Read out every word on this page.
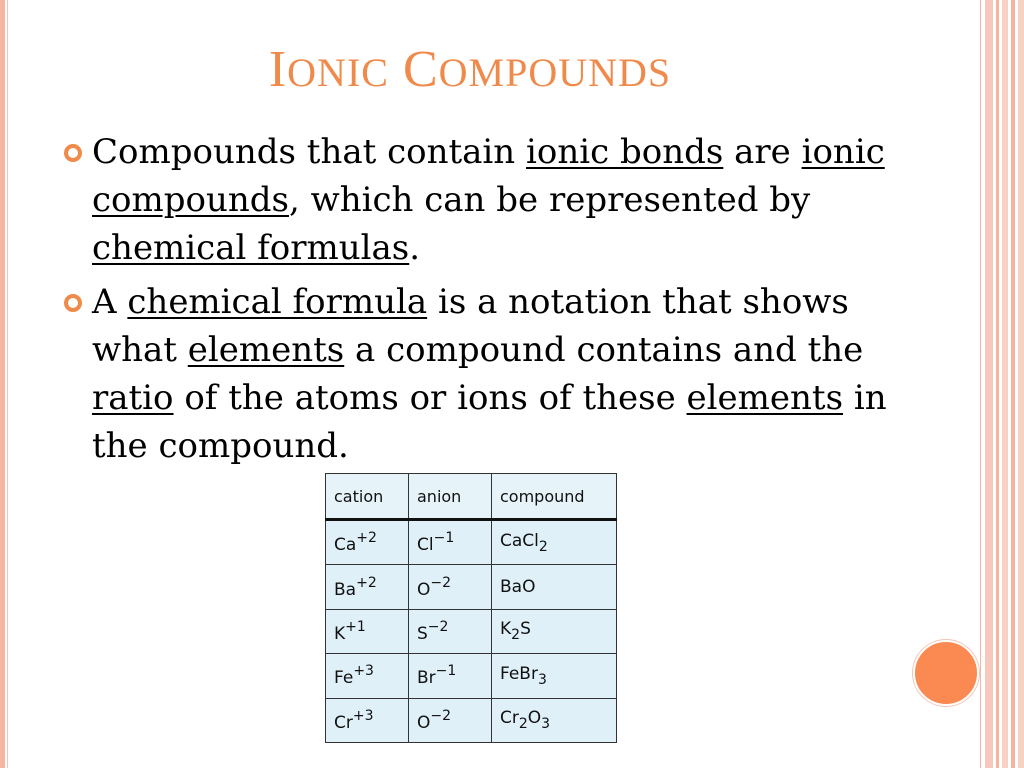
IONIC COMPOUNDS
Compounds that contain ionic bonds are ionic compounds, which can be represented by chemical formulas.
A chemical formula is a notation that shows what elements a compound contains and the ratio of the atoms or ions of these elements in the compound.
cation	anion	compound
$Ca^{+2}$	$Cl^{-1}$	CaCl$_2$
$Ba^{+2}$	$O^{-2}$	BaO
$K^{+1}$	$S^{-2}$	$K_2S$
$Fe^{+3}$	$Br^{-1}$	FeBr$_3$
$Cr^{+3}$	$O^{-2}$	$Cr_2O_3$
